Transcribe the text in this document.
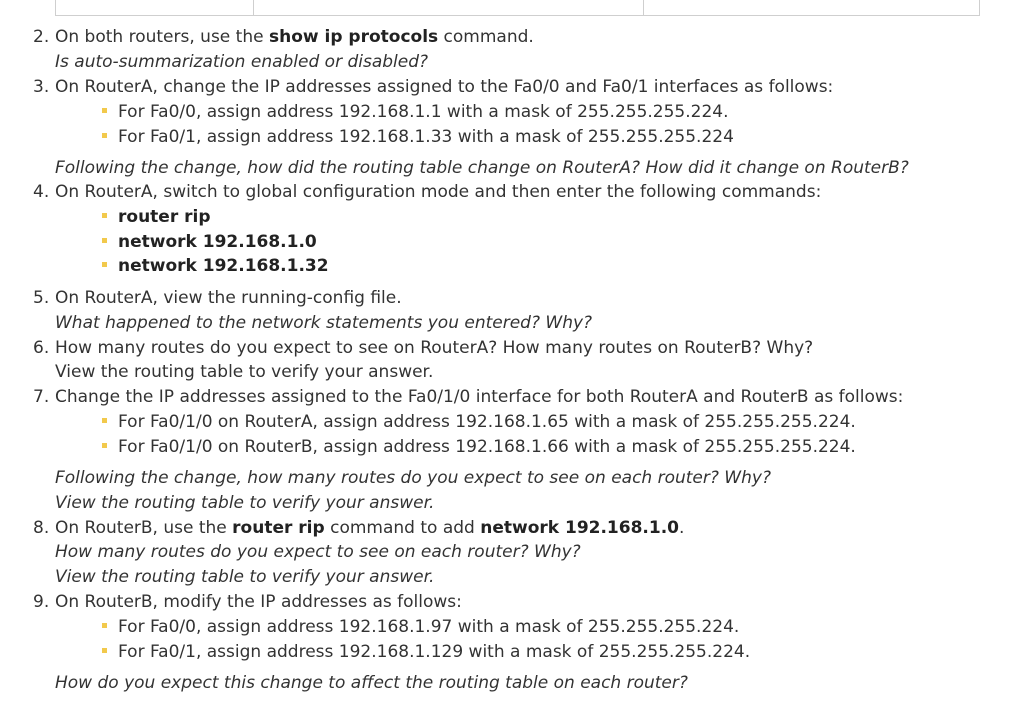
2. On both routers, use the show ip protocols command.
Is auto-summarization enabled or disabled?
3. On RouterA, change the IP addresses assigned to the Fa0/0 and Fa0/1 interfaces as follows:
For Fa0/0, assign address 192.168.1.1 with a mask of 255.255.255.224.
For Fa0/1, assign address 192.168.1.33 with a mask of 255.255.255.224
Following the change, how did the routing table change on RouterA? How did it change on RouterB?
4. On RouterA, switch to global configuration mode and then enter the following commands:
router rip
network 192.168.1.0
network 192.168.1.32
5. On RouterA, view the running-config file.
What happened to the network statements you entered? Why?
6. How many routes do you expect to see on RouterA? How many routes on RouterB? Why?
View the routing table to verify your answer.
7. Change the IP addresses assigned to the Fa0/1/0 interface for both RouterA and RouterB as follows:
For Fa0/1/0 on RouterA, assign address 192.168.1.65 with a mask of 255.255.255.224.
For Fa0/1/0 on RouterB, assign address 192.168.1.66 with a mask of 255.255.255.224.
Following the change, how many routes do you expect to see on each router? Why?
View the routing table to verify your answer.
8. On RouterB, use the router rip command to add network 192.168.1.0.
How many routes do you expect to see on each router? Why?
View the routing table to verify your answer.
9. On RouterB, modify the IP addresses as follows:
For Fa0/0, assign address 192.168.1.97 with a mask of 255.255.255.224.
For Fa0/1, assign address 192.168.1.129 with a mask of 255.255.255.224.
How do you expect this change to affect the routing table on each router?
